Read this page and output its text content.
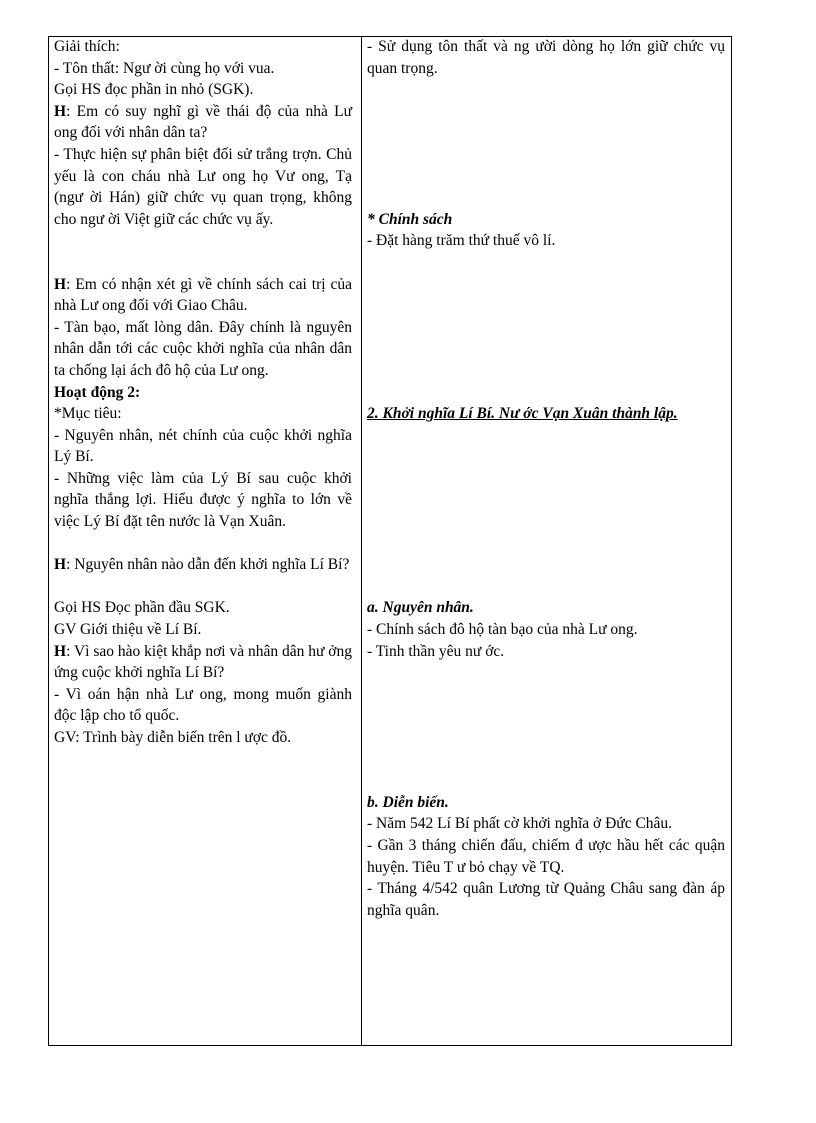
Giải thích:
- Tôn thất: Ngư ời cùng họ với vua.
Gọi HS đọc phần in nhỏ (SGK).
H: Em có suy nghĩ gì về thái độ của nhà Lư ong đối với nhân dân ta?
- Thực hiện sự phân biệt đối sử trắng trợn. Chủ yếu là con cháu nhà Lư ong họ Vư ong, Tạ (ngư ời Hán) giữ chức vụ quan trọng, không cho ngư ời Việt giữ các chức vụ ấy.
H: Em có nhận xét gì về chính sách cai trị của nhà Lư ong đối với Giao Châu.
- Tàn bạo, mất lòng dân. Đây chính là nguyên nhân dẫn tới các cuộc khởi nghĩa của nhân dân ta chống lại ách đô hộ của Lư ong.
Hoạt động 2:
*Mục tiêu:
- Nguyên nhân, nét chính của cuộc khởi nghĩa Lý Bí.
- Những việc làm của Lý Bí sau cuộc khởi nghĩa thắng lợi. Hiểu được ý nghĩa to lớn về việc Lý Bí đặt tên nước là Vạn Xuân.
H: Nguyên nhân nào dẫn đến khởi nghĩa Lí Bí?
Gọi HS Đọc phần đầu SGK.
GV Giới thiệu về Lí Bí.
H: Vì sao hào kiệt khắp nơi và nhân dân hư ởng ứng cuộc khởi nghĩa Lí Bí?
- Vì oán hận nhà Lư ong, mong muốn giành độc lập cho tổ quốc.
GV: Trình bày diễn biến trên l ược đồ.
- Sử dụng tôn thất và ng ười dòng họ lớn giữ chức vụ quan trọng.
* Chính sách
- Đặt hàng trăm thứ thuế vô lí.
2. Khởi nghĩa Lí Bí. Nư ớc Vạn Xuân thành lập.
a. Nguyên nhân.
- Chính sách đô hộ tàn bạo của nhà Lư ong.
- Tinh thần yêu nư ớc.
b. Diễn biến.
- Năm 542 Lí Bí phất cờ khởi nghĩa ở Đức Châu.
- Gần 3 tháng chiến đấu, chiếm đ ược hầu hết các quận huyện. Tiêu T ư bỏ chạy về TQ.
- Tháng 4/542 quân Lương từ Quảng Châu sang đàn áp nghĩa quân.
